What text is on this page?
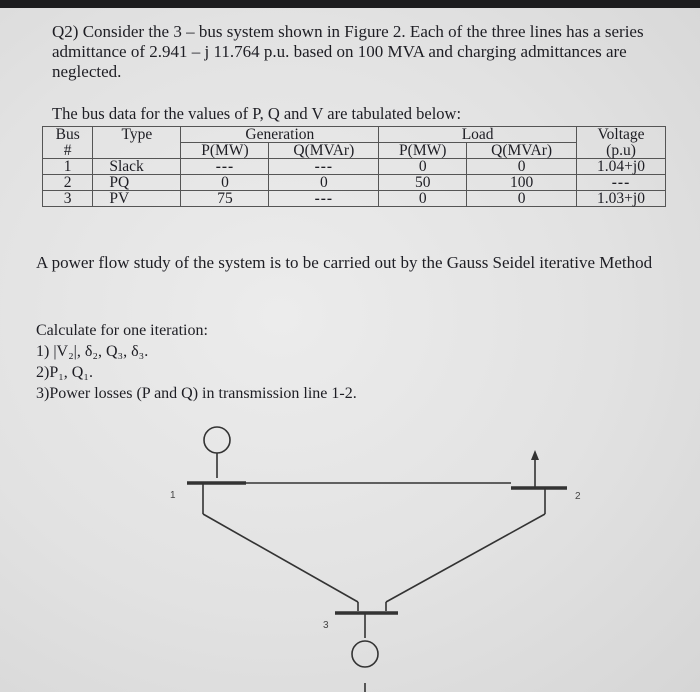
Q2) Consider the 3 – bus system shown in Figure 2. Each of the three lines has a series admittance of 2.941 – j 11.764 p.u. based on 100 MVA and charging admittances are neglected.
The bus data for the values of P, Q and V are tabulated below:
Bus	Type	Generation		Load		Voltage
#		P(MW)	Q(MVAr)	P(MW)	Q(MVAr)	(p.u)
1	Slack	---	---	0	0	1.04+j0
2	PQ	0	0	50	100	---
3	PV	75	---	0	0	1.03+j0
A power flow study of the system is to be carried out by the Gauss Seidel iterative Method
Calculate for one iteration:
1) |V₂|, δ₂, Q₃, δ₃.
2)P₁, Q₁.
3)Power losses (P and Q) in transmission line 1-2.
1	2
3
